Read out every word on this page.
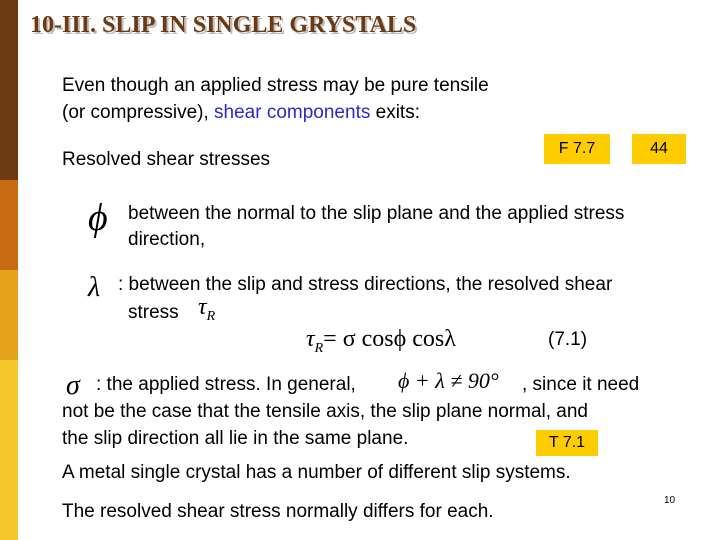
10-III. SLIP IN SINGLE GRYSTALS
Even though an applied stress may be pure tensile
(or compressive), shear components exits:
Resolved shear stresses
F 7.7	44
ϕ between the normal to the slip plane and the applied stress
direction,
λ : between the slip and stress directions, the resolved shear
stress $\tau_R$
$\tau_R= \sigma$ cosϕ cosλ	(7.1)
σ : the applied stress. In general, ϕ + λ ≠ 90° , since it need
not be the case that the tensile axis, the slip plane normal, and
the slip direction all lie in the same plane.	T 7.1
A metal single crystal has a number of different slip systems.
The resolved shear stress normally differs for each.
10
